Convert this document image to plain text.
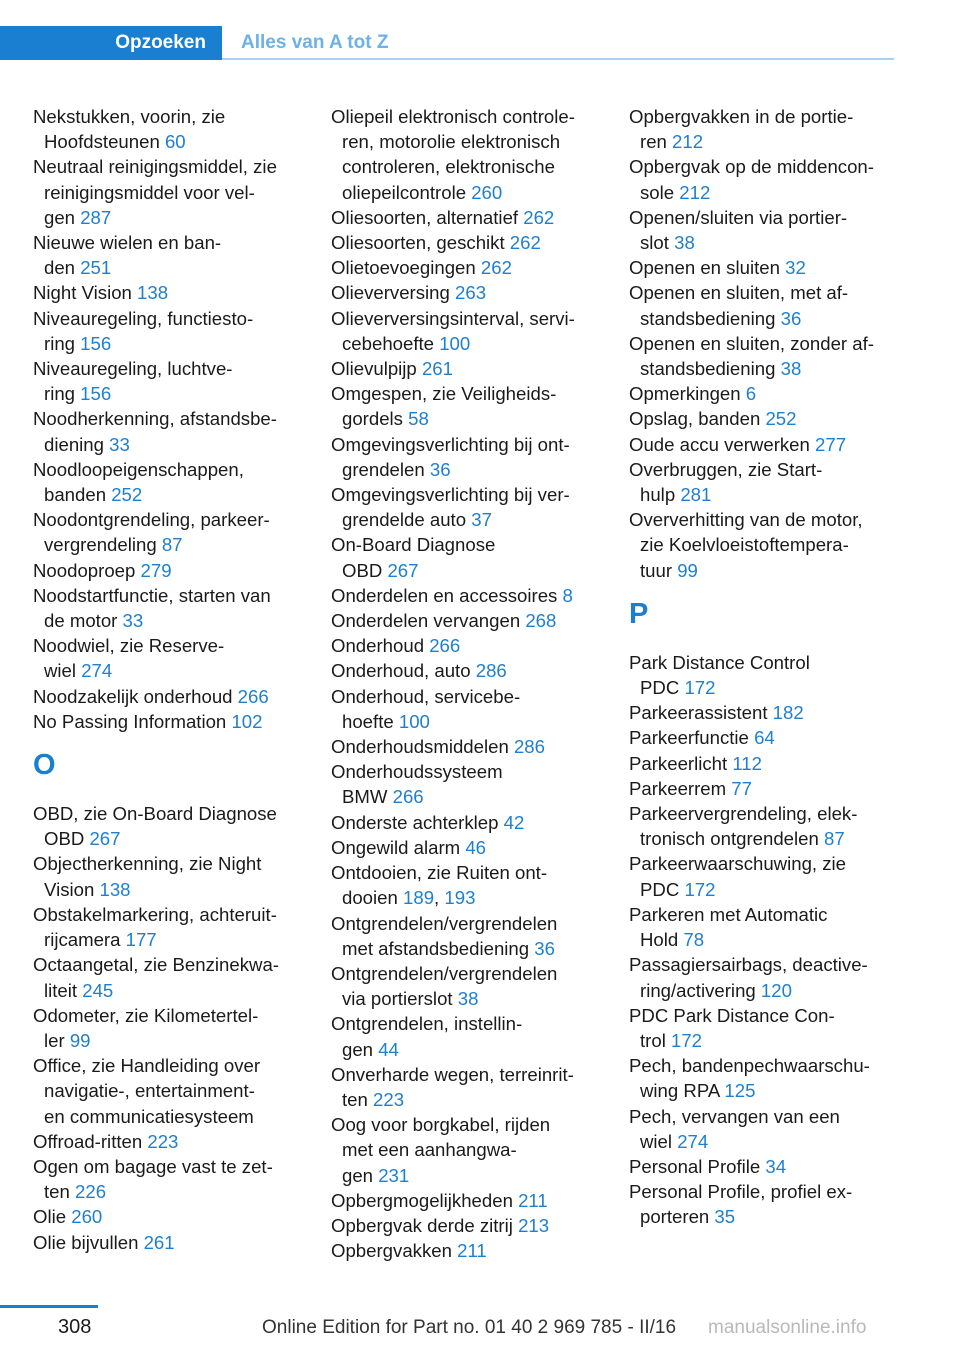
Opzoeken	Alles van A tot Z
Nekstukken, voorin, zie
Hoofdsteunen 60
Neutraal reinigingsmiddel, zie
reinigingsmiddel voor vel‐
gen 287
Nieuwe wielen en ban‐
den 251
Night Vision 138
Niveauregeling, functiesto‐
ring 156
Niveauregeling, luchtve‐
ring 156
Noodherkenning, afstandsbe‐
diening 33
Noodloopeigenschappen,
banden 252
Noodontgrendeling, parkeer‐
vergrendeling 87
Noodoproep 279
Noodstartfunctie, starten van
de motor 33
Noodwiel, zie Reserve‐
wiel 274
Noodzakelijk onderhoud 266
No Passing Information 102
O
OBD, zie On-Board Diagnose
OBD 267
Objectherkenning, zie Night
Vision 138
Obstakelmarkering, achteruit‐
rijcamera 177
Octaangetal, zie Benzinekwa‐
liteit 245
Odometer, zie Kilometertel‐
ler 99
Office, zie Handleiding over
navigatie-, entertainment-
en communicatiesysteem
Offroad-ritten 223
Ogen om bagage vast te zet‐
ten 226
Olie 260
Olie bijvullen 261
Oliepeil elektronisch controle‐
ren, motorolie elektronisch
controleren, elektronische
oliepeilcontrole 260
Oliesoorten, alternatief 262
Oliesoorten, geschikt 262
Olietoevoegingen 262
Olieverversing 263
Olieverversingsinterval, servi‐
cebehoefte 100
Olievulpijp 261
Omgespen, zie Veiligheids‐
gordels 58
Omgevingsverlichting bij ont‐
grendelen 36
Omgevingsverlichting bij ver‐
grendelde auto 37
On-Board Diagnose
OBD 267
Onderdelen en accessoires 8
Onderdelen vervangen 268
Onderhoud 266
Onderhoud, auto 286
Onderhoud, servicebe‐
hoefte 100
Onderhoudsmiddelen 286
Onderhoudssysteem
BMW 266
Onderste achterklep 42
Ongewild alarm 46
Ontdooien, zie Ruiten ont‐
dooien 189, 193
Ontgrendelen/vergrendelen
met afstandsbediening 36
Ontgrendelen/vergrendelen
via portierslot 38
Ontgrendelen, instellin‐
gen 44
Onverharde wegen, terreinrit‐
ten 223
Oog voor borgkabel, rijden
met een aanhangwa‐
gen 231
Opbergmogelijkheden 211
Opbergvak derde zitrij 213
Opbergvakken 211
Opbergvakken in de portie‐
ren 212
Opbergvak op de middencon‐
sole 212
Openen/sluiten via portier‐
slot 38
Openen en sluiten 32
Openen en sluiten, met af‐
standsbediening 36
Openen en sluiten, zonder af‐
standsbediening 38
Opmerkingen 6
Opslag, banden 252
Oude accu verwerken 277
Overbruggen, zie Start‐
hulp 281
Oververhitting van de motor,
zie Koelvloeistoftempera‐
tuur 99
P
Park Distance Control
PDC 172
Parkeerassistent 182
Parkeerfunctie 64
Parkeerlicht 112
Parkeerrem 77
Parkeervergrendeling, elek‐
tronisch ontgrendelen 87
Parkeerwaarschuwing, zie
PDC 172
Parkeren met Automatic
Hold 78
Passagiersairbags, deactive‐
ring/activering 120
PDC Park Distance Con‐
trol 172
Pech, bandenpechwaarschu‐
wing RPA 125
Pech, vervangen van een
wiel 274
Personal Profile 34
Personal Profile, profiel ex‐
porteren 35
308	Online Edition for Part no. 01 40 2 969 785 - II/16 manualsonline.info
